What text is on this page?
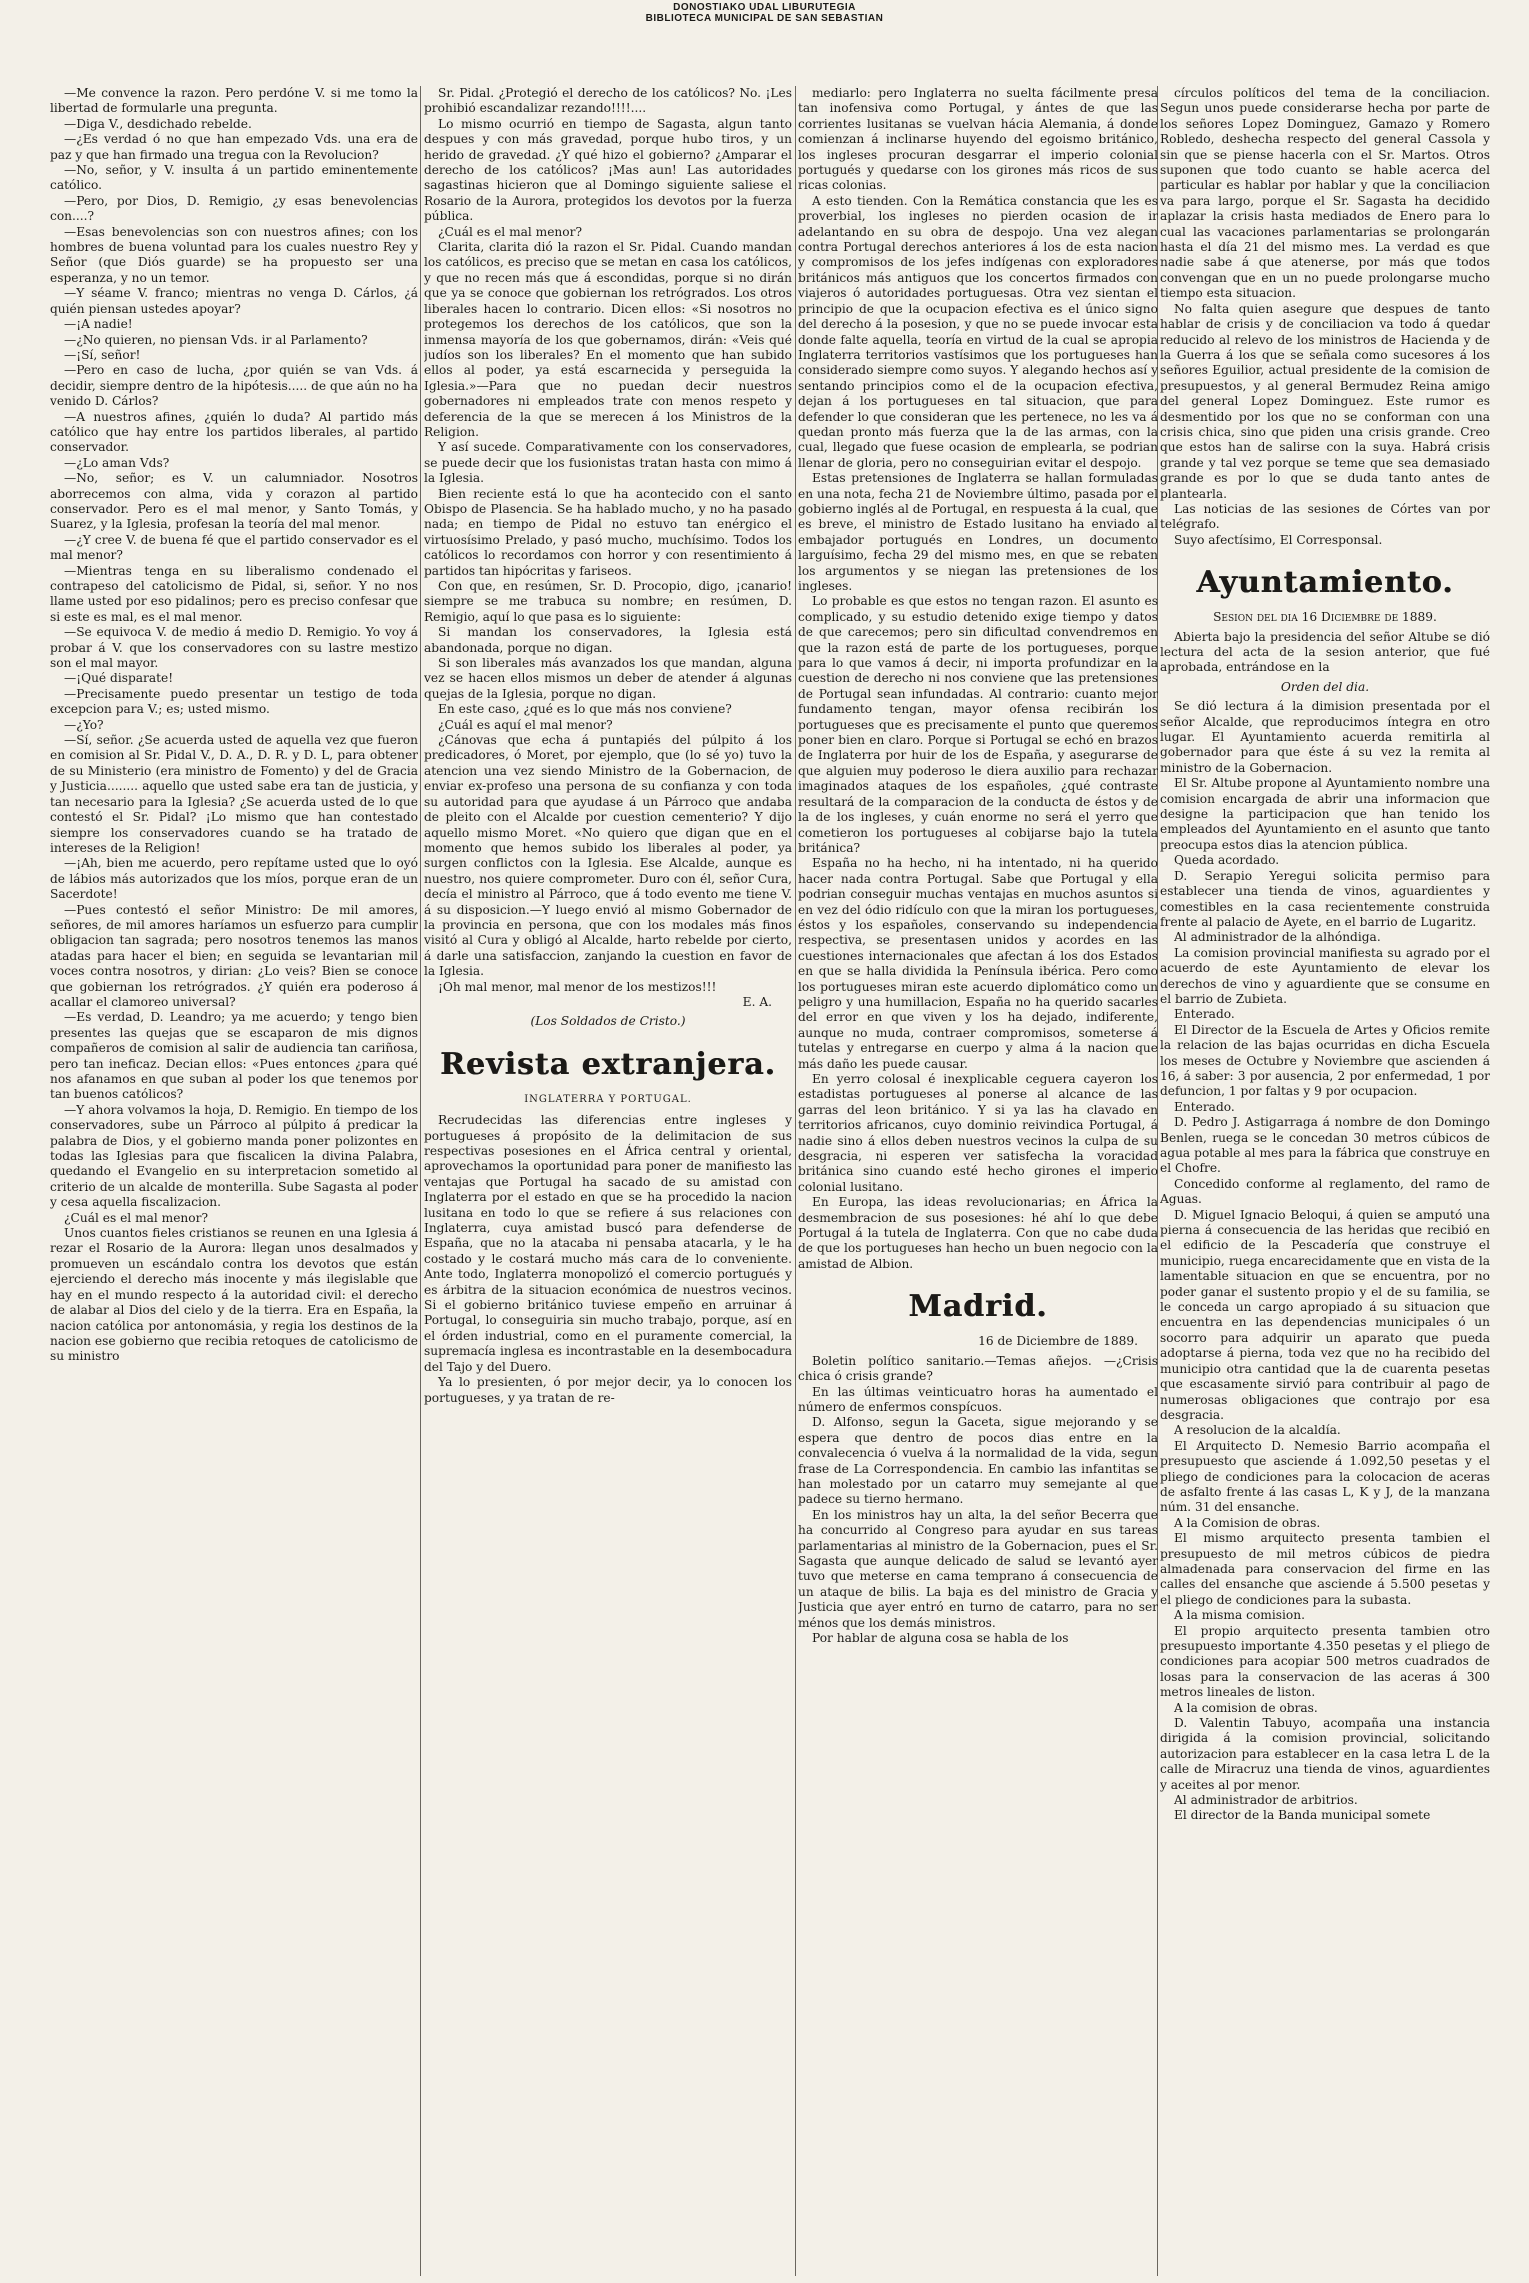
DONOSTIAKO UDAL LIBURUTEGIA
BIBLIOTECA MUNICIPAL DE SAN SEBASTIAN

—Me convence la razon. Pero perdóne V. si me tomo la libertad de formularle una pregunta.

—Diga V., desdichado rebelde.

—¿Es verdad ó no que han empezado Vds. una era de paz y que han firmado una tregua con la Revolucion?

—No, señor, y V. insulta á un partido eminentemente católico.

—Pero, por Dios, D. Remigio, ¿y esas benevolencias con....?

—Esas benevolencias son con nuestros afines; con los hombres de buena voluntad para los cuales nuestro Rey y Señor (que Diós guarde) se ha propuesto ser una esperanza, y no un temor.

—Y séame V. franco; mientras no venga D. Cárlos, ¿á quién piensan ustedes apoyar?

—¡A nadie!

—¿No quieren, no piensan Vds. ir al Parlamento?

—¡Sí, señor!

—Pero en caso de lucha, ¿por quién se van Vds. á decidir, siempre dentro de la hipótesis..... de que aún no ha venido D. Cárlos?

—A nuestros afines, ¿quién lo duda? Al partido más católico que hay entre los partidos liberales, al partido conservador.

—¿Lo aman Vds?

—No, señor; es V. un calumniador. Nosotros aborrecemos con alma, vida y corazon al partido conservador. Pero es el mal menor, y Santo Tomás, y Suarez, y la Iglesia, profesan la teoría del mal menor.

—¿Y cree V. de buena fé que el partido conservador es el mal menor?

—Mientras tenga en su liberalismo condenado el contrapeso del catolicismo de Pidal, si, señor. Y no nos llame usted por eso pidalinos; pero es preciso confesar que si este es mal, es el mal menor.

—Se equivoca V. de medio á medio D. Remigio. Yo voy á probar á V. que los conservadores con su lastre mestizo son el mal mayor.

—¡Qué disparate!

—Precisamente puedo presentar un testigo de toda excepcion para V.; es; usted mismo.

—¿Yo?

—Sí, señor. ¿Se acuerda usted de aquella vez que fueron en comision al Sr. Pidal V., D. A., D. R. y D. L, para obtener de su Ministerio (era ministro de Fomento) y del de Gracia y Justicia........ aquello que usted sabe era tan de justicia, y tan necesario para la Iglesia? ¿Se acuerda usted de lo que contestó el Sr. Pidal? ¡Lo mismo que han contestado siempre los conservadores cuando se ha tratado de intereses de la Religion!

—¡Ah, bien me acuerdo, pero repítame usted que lo oyó de lábios más autorizados que los míos, porque eran de un Sacerdote!

—Pues contestó el señor Ministro: De mil amores, señores, de mil amores haríamos un esfuerzo para cumplir obligacion tan sagrada; pero nosotros tenemos las manos atadas para hacer el bien; en seguida se levantarian mil voces contra nosotros, y dirian: ¿Lo veis? Bien se conoce que gobiernan los retrógrados. ¿Y quién era poderoso á acallar el clamoreo universal?

—Es verdad, D. Leandro; ya me acuerdo; y tengo bien presentes las quejas que se escaparon de mis dignos compañeros de comision al salir de audiencia tan cariñosa, pero tan ineficaz. Decian ellos: «Pues entonces ¿para qué nos afanamos en que suban al poder los que tenemos por tan buenos católicos?

—Y ahora volvamos la hoja, D. Remigio. En tiempo de los conservadores, sube un Párroco al púlpito á predicar la palabra de Dios, y el gobierno manda poner polizontes en todas las Iglesias para que fiscalicen la divina Palabra, quedando el Evangelio en su interpretacion sometido al criterio de un alcalde de monterilla. Sube Sagasta al poder y cesa aquella fiscalizacion.

¿Cuál es el mal menor?

Unos cuantos fieles cristianos se reunen en una Iglesia á rezar el Rosario de la Aurora: llegan unos desalmados y promueven un escándalo contra los devotos que están ejerciendo el derecho más inocente y más ilegislable que hay en el mundo respecto á la autoridad civil: el derecho de alabar al Dios del cielo y de la tierra. Era en España, la nacion católica por antonomásia, y regia los destinos de la nacion ese gobierno que recibia retoques de catolicismo de su ministro

Sr. Pidal. ¿Protegió el derecho de los católicos? No. ¡Les prohibió escandalizar rezando!!!!....

Lo mismo ocurrió en tiempo de Sagasta, algun tanto despues y con más gravedad, porque hubo tiros, y un herido de gravedad. ¿Y qué hizo el gobierno? ¿Amparar el derecho de los católicos? ¡Mas aun! Las autoridades sagastinas hicieron que al Domingo siguiente saliese el Rosario de la Aurora, protegidos los devotos por la fuerza pública.

¿Cuál es el mal menor?

Clarita, clarita dió la razon el Sr. Pidal. Cuando mandan los católicos, es preciso que se metan en casa los católicos, y que no recen más que á escondidas, porque si no dirán que ya se conoce que gobiernan los retrógrados. Los otros liberales hacen lo contrario. Dicen ellos: «Si nosotros no protegemos los derechos de los católicos, que son la inmensa mayoría de los que gobernamos, dirán: «Veis qué judíos son los liberales? En el momento que han subido ellos al poder, ya está escarnecida y perseguida la Iglesia.»—Para que no puedan decir nuestros gobernadores ni empleados trate con menos respeto y deferencia de la que se merecen á los Ministros de la Religion.

Y así sucede. Comparativamente con los conservadores, se puede decir que los fusionistas tratan hasta con mimo á la Iglesia.

Bien reciente está lo que ha acontecido con el santo Obispo de Plasencia. Se ha hablado mucho, y no ha pasado nada; en tiempo de Pidal no estuvo tan enérgico el virtuosísimo Prelado, y pasó mucho, muchísimo. Todos los católicos lo recordamos con horror y con resentimiento á partidos tan hipócritas y fariseos.

Con que, en resúmen, Sr. D. Procopio, digo, ¡canario! siempre se me trabuca su nombre; en resúmen, D. Remigio, aquí lo que pasa es lo siguiente:

Si mandan los conservadores, la Iglesia está abandonada, porque no digan.

Si son liberales más avanzados los que mandan, alguna vez se hacen ellos mismos un deber de atender á algunas quejas de la Iglesia, porque no digan.

En este caso, ¿qué es lo que más nos conviene?

¿Cuál es aquí el mal menor?

¿Cánovas que echa á puntapiés del púlpito á los predicadores, ó Moret, por ejemplo, que (lo sé yo) tuvo la atencion una vez siendo Ministro de la Gobernacion, de enviar ex-profeso una persona de su confianza y con toda su autoridad para que ayudase á un Párroco que andaba de pleito con el Alcalde por cuestion cementerio? Y dijo aquello mismo Moret. «No quiero que digan que en el momento que hemos subido los liberales al poder, ya surgen conflictos con la Iglesia. Ese Alcalde, aunque es nuestro, nos quiere comprometer. Duro con él, señor Cura, decía el ministro al Párroco, que á todo evento me tiene V. á su disposicion.—Y luego envió al mismo Gobernador de la provincia en persona, que con los modales más finos visitó al Cura y obligó al Alcalde, harto rebelde por cierto, á darle una satisfaccion, zanjando la cuestion en favor de la Iglesia.

¡Oh mal menor, mal menor de los mestizos!!!

E. A.

(Los Soldados de Cristo.)

Revista extranjera.

INGLATERRA Y PORTUGAL.

Recrudecidas las diferencias entre ingleses y portugueses á propósito de la delimitacion de sus respectivas posesiones en el África central y oriental, aprovechamos la oportunidad para poner de manifiesto las ventajas que Portugal ha sacado de su amistad con Inglaterra por el estado en que se ha procedido la nacion lusitana en todo lo que se refiere á sus relaciones con Inglaterra, cuya amistad buscó para defenderse de España, que no la atacaba ni pensaba atacarla, y le ha costado y le costará mucho más cara de lo conveniente. Ante todo, Inglaterra monopolizó el comercio portugués y es árbitra de la situacion económica de nuestros vecinos. Si el gobierno británico tuviese empeño en arruinar á Portugal, lo conseguiria sin mucho trabajo, porque, así en el órden industrial, como en el puramente comercial, la supremacía inglesa es incontrastable en la desembocadura del Tajo y del Duero.

Ya lo presienten, ó por mejor decir, ya lo conocen los portugueses, y ya tratan de re-

mediarlo: pero Inglaterra no suelta fácilmente presa tan inofensiva como Portugal, y ántes de que las corrientes lusitanas se vuelvan hácia Alemania, á donde comienzan á inclinarse huyendo del egoismo británico, los ingleses procuran desgarrar el imperio colonial portugués y quedarse con los girones más ricos de sus ricas colonias.

A esto tienden. Con la Remática constancia que les es proverbial, los ingleses no pierden ocasion de ir adelantando en su obra de despojo. Una vez alegan contra Portugal derechos anteriores á los de esta nacion y compromisos de los jefes indígenas con exploradores británicos más antiguos que los concertos firmados con viajeros ó autoridades portuguesas. Otra vez sientan el principio de que la ocupacion efectiva es el único signo del derecho á la posesion, y que no se puede invocar esta donde falte aquella, teoría en virtud de la cual se apropia Inglaterra territorios vastísimos que los portugueses han considerado siempre como suyos. Y alegando hechos así y sentando principios como el de la ocupacion efectiva, dejan á los portugueses en tal situacion, que para defender lo que consideran que les pertenece, no les va á quedan pronto más fuerza que la de las armas, con la cual, llegado que fuese ocasion de emplearla, se podrian llenar de gloria, pero no conseguirian evitar el despojo.

Estas pretensiones de Inglaterra se hallan formuladas en una nota, fecha 21 de Noviembre último, pasada por el gobierno inglés al de Portugal, en respuesta á la cual, que es breve, el ministro de Estado lusitano ha enviado al embajador portugués en Londres, un documento larguísimo, fecha 29 del mismo mes, en que se rebaten los argumentos y se niegan las pretensiones de los ingleses.

Lo probable es que estos no tengan razon. El asunto es complicado, y su estudio detenido exige tiempo y datos de que carecemos; pero sin dificultad convendremos en que la razon está de parte de los portugueses, porque para lo que vamos á decir, ni importa profundizar en la cuestion de derecho ni nos conviene que las pretensiones de Portugal sean infundadas. Al contrario: cuanto mejor fundamento tengan, mayor ofensa recibirán los portugueses que es precisamente el punto que queremos poner bien en claro. Porque si Portugal se echó en brazos de Inglaterra por huir de los de España, y asegurarse de que alguien muy poderoso le diera auxilio para rechazar imaginados ataques de los españoles, ¿qué contraste resultará de la comparacion de la conducta de éstos y de la de los ingleses, y cuán enorme no será el yerro que cometieron los portugueses al cobijarse bajo la tutela británica?

España no ha hecho, ni ha intentado, ni ha querido hacer nada contra Portugal. Sabe que Portugal y ella podrian conseguir muchas ventajas en muchos asuntos si en vez del ódio ridículo con que la miran los portugueses, éstos y los españoles, conservando su independencia respectiva, se presentasen unidos y acordes en las cuestiones internacionales que afectan á los dos Estados en que se halla dividida la Península ibérica. Pero como los portugueses miran este acuerdo diplomático como un peligro y una humillacion, España no ha querido sacarles del error en que viven y los ha dejado, indiferente, aunque no muda, contraer compromisos, someterse á tutelas y entregarse en cuerpo y alma á la nacion que más daño les puede causar.

En yerro colosal é inexplicable ceguera cayeron los estadistas portugueses al ponerse al alcance de las garras del leon británico. Y si ya las ha clavado en territorios africanos, cuyo dominio reivindica Portugal, á nadie sino á ellos deben nuestros vecinos la culpa de su desgracia, ni esperen ver satisfecha la voracidad británica sino cuando esté hecho girones el imperio colonial lusitano.

En Europa, las ideas revolucionarias; en África la desmembracion de sus posesiones: hé ahí lo que debe Portugal á la tutela de Inglaterra. Con que no cabe duda de que los portugueses han hecho un buen negocio con la amistad de Albion.

Madrid.

16 de Diciembre de 1889.

Boletin político sanitario.—Temas añejos. —¿Crisis chica ó crisis grande?

En las últimas veinticuatro horas ha aumentado el número de enfermos conspícuos.

D. Alfonso, segun la Gaceta, sigue mejorando y se espera que dentro de pocos dias entre en la convalecencia ó vuelva á la normalidad de la vida, segun frase de La Correspondencia. En cambio las infantitas se han molestado por un catarro muy semejante al que padece su tierno hermano.

En los ministros hay un alta, la del señor Becerra que ha concurrido al Congreso para ayudar en sus tareas parlamentarias al ministro de la Gobernacion, pues el Sr. Sagasta que aunque delicado de salud se levantó ayer tuvo que meterse en cama temprano á consecuencia de un ataque de bilis. La baja es del ministro de Gracia y Justicia que ayer entró en turno de catarro, para no ser ménos que los demás ministros.

Por hablar de alguna cosa se habla de los

círculos políticos del tema de la conciliacion. Segun unos puede considerarse hecha por parte de los señores Lopez Dominguez, Gamazo y Romero Robledo, deshecha respecto del general Cassola y sin que se piense hacerla con el Sr. Martos. Otros suponen que todo cuanto se hable acerca del particular es hablar por hablar y que la conciliacion va para largo, porque el Sr. Sagasta ha decidido aplazar la crisis hasta mediados de Enero para lo cual las vacaciones parlamentarias se prolongarán hasta el día 21 del mismo mes. La verdad es que nadie sabe á que atenerse, por más que todos convengan que en un no puede prolongarse mucho tiempo esta situacion.

No falta quien asegure que despues de tanto hablar de crisis y de conciliacion va todo á quedar reducido al relevo de los ministros de Hacienda y de la Guerra á los que se señala como sucesores á los señores Eguilior, actual presidente de la comision de presupuestos, y al general Bermudez Reina amigo del general Lopez Dominguez. Este rumor es desmentido por los que no se conforman con una crisis chica, sino que piden una crisis grande. Creo que estos han de salirse con la suya. Habrá crisis grande y tal vez porque se teme que sea demasiado grande es por lo que se duda tanto antes de plantearla.

Las noticias de las sesiones de Córtes van por telégrafo.

Suyo afectísimo, El Corresponsal.

Ayuntamiento.

Sesion del dia 16 Diciembre de 1889.

Abierta bajo la presidencia del señor Altube se dió lectura del acta de la sesion anterior, que fué aprobada, entrándose en la

Orden del dia.

Se dió lectura á la dimision presentada por el señor Alcalde, que reproducimos íntegra en otro lugar. El Ayuntamiento acuerda remitirla al gobernador para que éste á su vez la remita al ministro de la Gobernacion.

El Sr. Altube propone al Ayuntamiento nombre una comision encargada de abrir una informacion que designe la participacion que han tenido los empleados del Ayuntamiento en el asunto que tanto preocupa estos dias la atencion pública.

Queda acordado.

D. Serapio Yeregui solicita permiso para establecer una tienda de vinos, aguardientes y comestibles en la casa recientemente construida frente al palacio de Ayete, en el barrio de Lugaritz.

Al administrador de la alhóndiga.

La comision provincial manifiesta su agrado por el acuerdo de este Ayuntamiento de elevar los derechos de vino y aguardiente que se consume en el barrio de Zubieta.

Enterado.

El Director de la Escuela de Artes y Oficios remite la relacion de las bajas ocurridas en dicha Escuela los meses de Octubre y Noviembre que ascienden á 16, á saber: 3 por ausencia, 2 por enfermedad, 1 por defuncion, 1 por faltas y 9 por ocupacion.

Enterado.

D. Pedro J. Astigarraga á nombre de don Domingo Benlen, ruega se le concedan 30 metros cúbicos de agua potable al mes para la fábrica que construye en el Chofre.

Concedido conforme al reglamento, del ramo de Aguas.

D. Miguel Ignacio Beloqui, á quien se amputó una pierna á consecuencia de las heridas que recibió en el edificio de la Pescadería que construye el municipio, ruega encarecidamente que en vista de la lamentable situacion en que se encuentra, por no poder ganar el sustento propio y el de su familia, se le conceda un cargo apropiado á su situacion que encuentra en las dependencias municipales ó un socorro para adquirir un aparato que pueda adoptarse á pierna, toda vez que no ha recibido del municipio otra cantidad que la de cuarenta pesetas que escasamente sirvió para contribuir al pago de numerosas obligaciones que contrajo por esa desgracia.

A resolucion de la alcaldía.

El Arquitecto D. Nemesio Barrio acompaña el presupuesto que asciende á 1.092,50 pesetas y el pliego de condiciones para la colocacion de aceras de asfalto frente á las casas L, K y J, de la manzana núm. 31 del ensanche.

A la Comision de obras.

El mismo arquitecto presenta tambien el presupuesto de mil metros cúbicos de piedra almadenada para conservacion del firme en las calles del ensanche que asciende á 5.500 pesetas y el pliego de condiciones para la subasta.

A la misma comision.

El propio arquitecto presenta tambien otro presupuesto importante 4.350 pesetas y el pliego de condiciones para acopiar 500 metros cuadrados de losas para la conservacion de las aceras á 300 metros lineales de liston.

A la comision de obras.

D. Valentin Tabuyo, acompaña una instancia dirigida á la comision provincial, solicitando autorizacion para establecer en la casa letra L de la calle de Miracruz una tienda de vinos, aguardientes y aceites al por menor.

Al administrador de arbitrios.

El director de la Banda municipal somete
